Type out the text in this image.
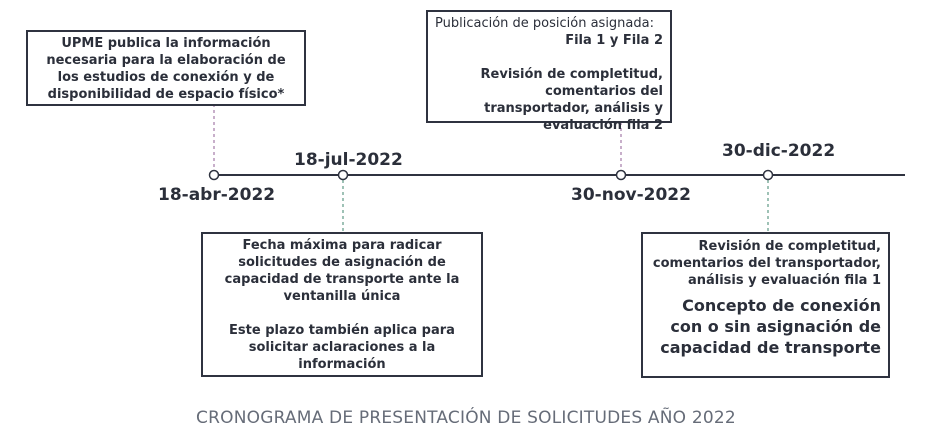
18-abr-2022
18-jul-2022
30-nov-2022
30-dic-2022

UPME publica la información necesaria para la elaboración de los estudios de conexión y de disponibilidad de espacio físico*

Publicación de posición asignada:

Fila 1 y Fila 2

Revisión de completitud, comentarios del transportador, análisis y evaluación fila 2

Fecha máxima para radicar solicitudes de asignación de capacidad de transporte ante la ventanilla única

Este plazo también aplica para solicitar aclaraciones a la información

Revisión de completitud, comentarios del transportador, análisis y evaluación fila 1

Concepto de conexión con o sin asignación de capacidad de transporte

CRONOGRAMA DE PRESENTACIÓN DE SOLICITUDES AÑO 2022
